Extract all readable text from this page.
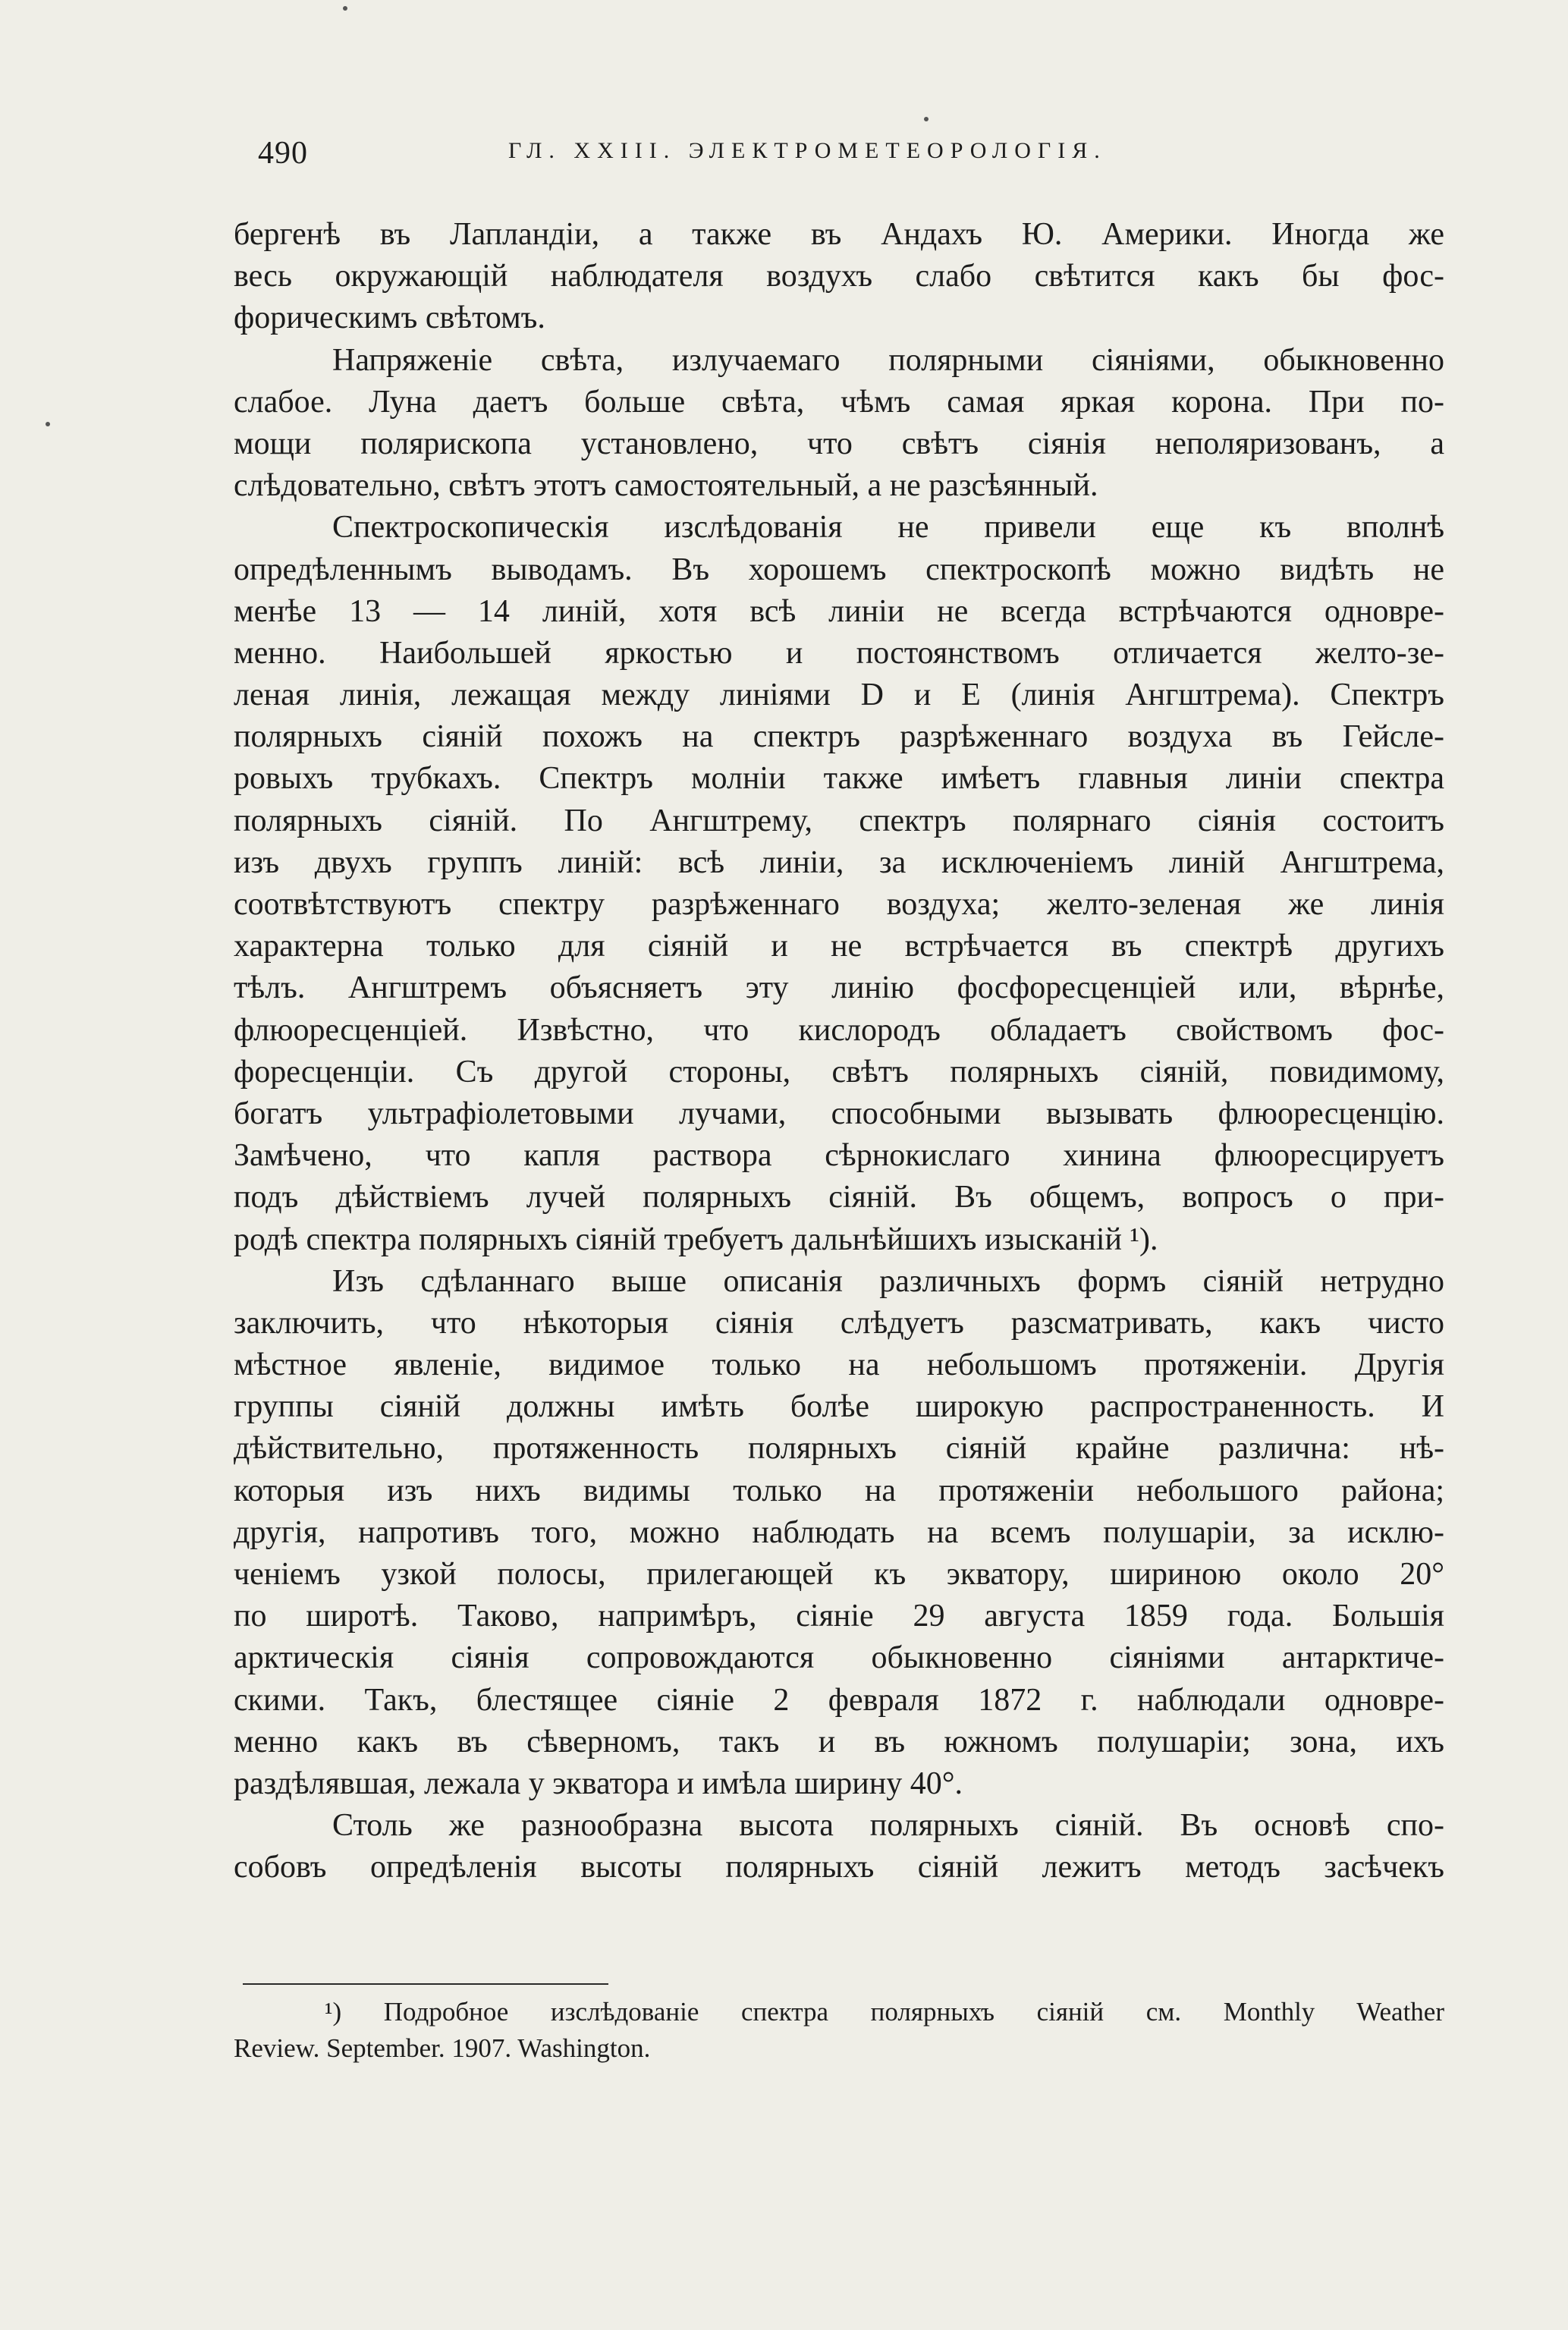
490	ГЛ. XXIII. ЭЛЕКТРОМЕТЕОРОЛОГІЯ.
бергенѣ въ Лапландіи, а также въ Андахъ Ю. Америки. Иногда же
весь окружающій наблюдателя воздухъ слабо свѣтится какъ бы фос-
форическимъ свѣтомъ.
Напряженіе свѣта, излучаемаго полярными сіяніями, обыкновенно
слабое. Луна даетъ больше свѣта, чѣмъ самая яркая корона. При по-
мощи полярископа установлено, что свѣтъ сіянія неполяризованъ, а
слѣдовательно, свѣтъ этотъ самостоятельный, а не разсѣянный.
Спектроскопическія изслѣдованія не привели еще къ вполнѣ
опредѣленнымъ выводамъ. Въ хорошемъ спектроскопѣ можно видѣть не
менѣе 13 — 14 линій, хотя всѣ линіи не всегда встрѣчаются одновре-
менно. Наибольшей яркостью и постоянствомъ отличается желто-зе-
леная линія, лежащая между линіями D и E (линія Ангштрема). Спектръ
полярныхъ сіяній похожъ на спектръ разрѣженнаго воздуха въ Гейсле-
ровыхъ трубкахъ. Спектръ молніи также имѣетъ главныя линіи спектра
полярныхъ сіяній. По Ангштрему, спектръ полярнаго сіянія состоитъ
изъ двухъ группъ линій: всѣ линіи, за исключеніемъ линій Ангштрема,
соотвѣтствуютъ спектру разрѣженнаго воздуха; желто-зеленая же линія
характерна только для сіяній и не встрѣчается въ спектрѣ другихъ
тѣлъ. Ангштремъ объясняетъ эту линію фосфоресценціей или, вѣрнѣе,
флюоресценціей. Извѣстно, что кислородъ обладаетъ свойствомъ фос-
форесценціи. Съ другой стороны, свѣтъ полярныхъ сіяній, повидимому,
богатъ ультрафіолетовыми лучами, способными вызывать флюоресценцію.
Замѣчено, что капля раствора сѣрнокислаго хинина флюоресцируетъ
подъ дѣйствіемъ лучей полярныхъ сіяній. Въ общемъ, вопросъ о при-
родѣ спектра полярныхъ сіяній требуетъ дальнѣйшихъ изысканій ¹).
Изъ сдѣланнаго выше описанія различныхъ формъ сіяній нетрудно
заключить, что нѣкоторыя сіянія слѣдуетъ разсматривать, какъ чисто
мѣстное явленіе, видимое только на небольшомъ протяженіи. Другія
группы сіяній должны имѣть болѣе широкую распространенность. И
дѣйствительно, протяженность полярныхъ сіяній крайне различна: нѣ-
которыя изъ нихъ видимы только на протяженіи небольшого района;
другія, напротивъ того, можно наблюдать на всемъ полушаріи, за исклю-
ченіемъ узкой полосы, прилегающей къ экватору, шириною около 20°
по широтѣ. Таково, напримѣръ, сіяніе 29 августа 1859 года. Большія
арктическія сіянія сопровождаются обыкновенно сіяніями антарктиче-
скими. Такъ, блестящее сіяніе 2 февраля 1872 г. наблюдали одновре-
менно какъ въ сѣверномъ, такъ и въ южномъ полушаріи; зона, ихъ
раздѣлявшая, лежала у экватора и имѣла ширину 40°.
Столь же разнообразна высота полярныхъ сіяній. Въ основѣ спо-
собовъ опредѣленія высоты полярныхъ сіяній лежитъ методъ засѣчекъ
¹) Подробное изслѣдованіе спектра полярныхъ сіяній см. Monthly Weather
Review. September. 1907. Washington.
